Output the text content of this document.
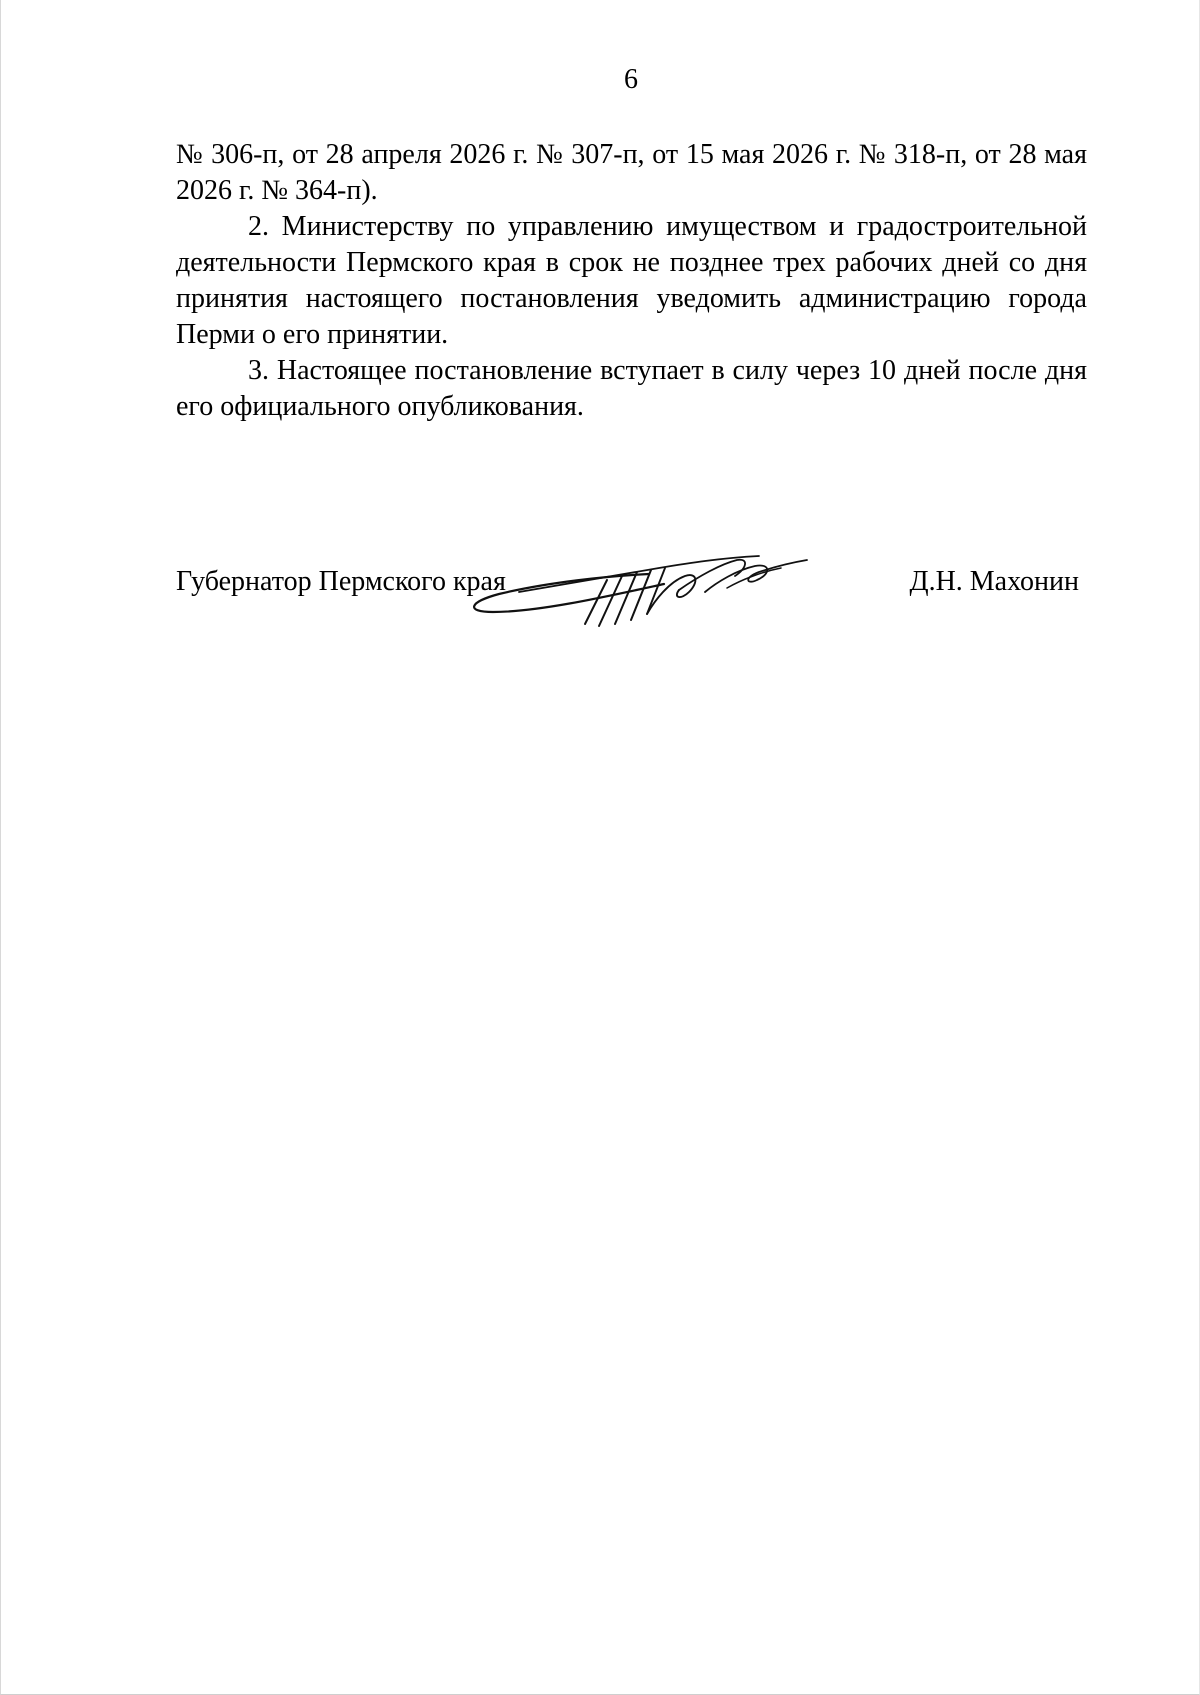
6

№ 306-п, от 28 апреля 2026 г. № 307-п, от 15 мая 2026 г. № 318-п, от 28 мая 2026 г. № 364-п).

2. Министерству по управлению имуществом и градостроительной деятельности Пермского края в срок не позднее трех рабочих дней со дня принятия настоящего постановления уведомить администрацию города Перми о его принятии.

3. Настоящее постановление вступает в силу через 10 дней после дня его официального опубликования.

Губернатор Пермского края	Д.Н. Махонин
